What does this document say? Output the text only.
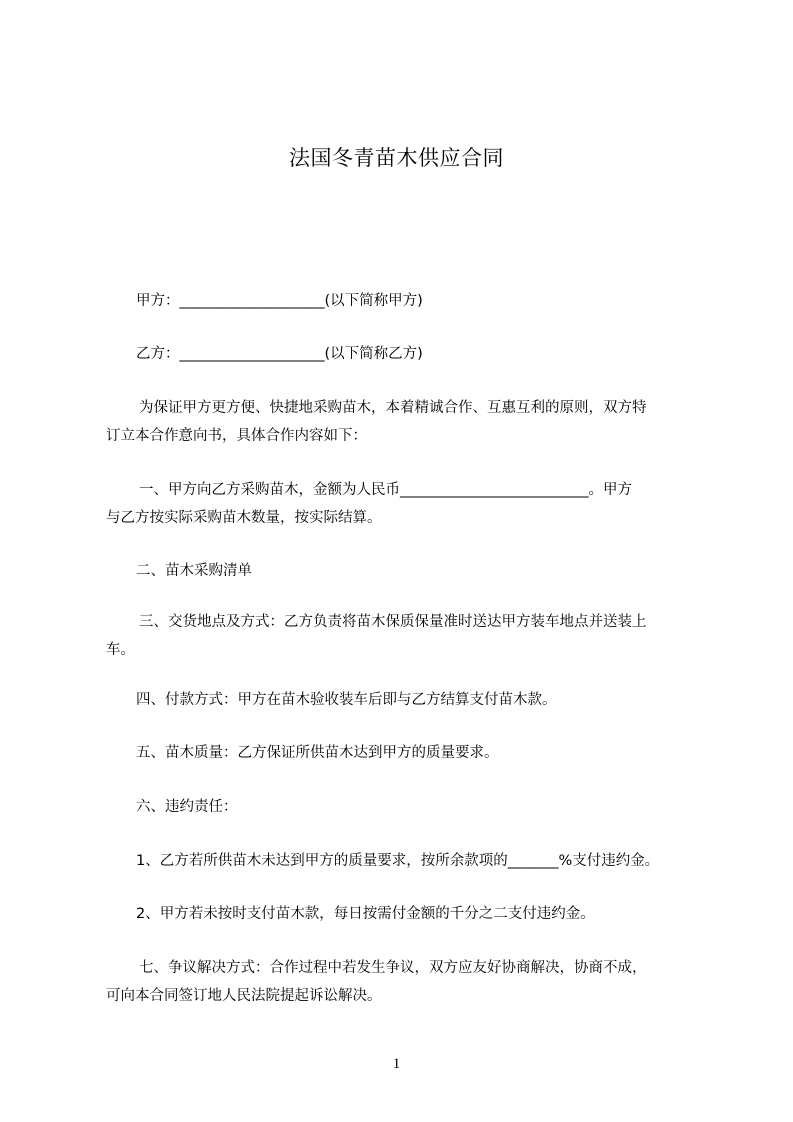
法国冬青苗木供应合同
甲方：____________________(以下简称甲方)
乙方：____________________(以下简称乙方)
为保证甲方更方便、快捷地采购苗木，本着精诚合作、互惠互利的原则，双方特
订立本合作意向书，具体合作内容如下：
一、甲方向乙方采购苗木，金额为人民币__________________________。甲方
与乙方按实际采购苗木数量，按实际结算。
二、苗木采购清单
三、交货地点及方式：乙方负责将苗木保质保量准时送达甲方装车地点并送装上
车。
四、付款方式：甲方在苗木验收装车后即与乙方结算支付苗木款。
五、苗木质量：乙方保证所供苗木达到甲方的质量要求。
六、违约责任：
1、乙方若所供苗木未达到甲方的质量要求，按所余款项的_______%支付违约金。
2、甲方若未按时支付苗木款，每日按需付金额的千分之二支付违约金。
七、争议解决方式：合作过程中若发生争议，双方应友好协商解决，协商不成，
可向本合同签订地人民法院提起诉讼解决。
1
